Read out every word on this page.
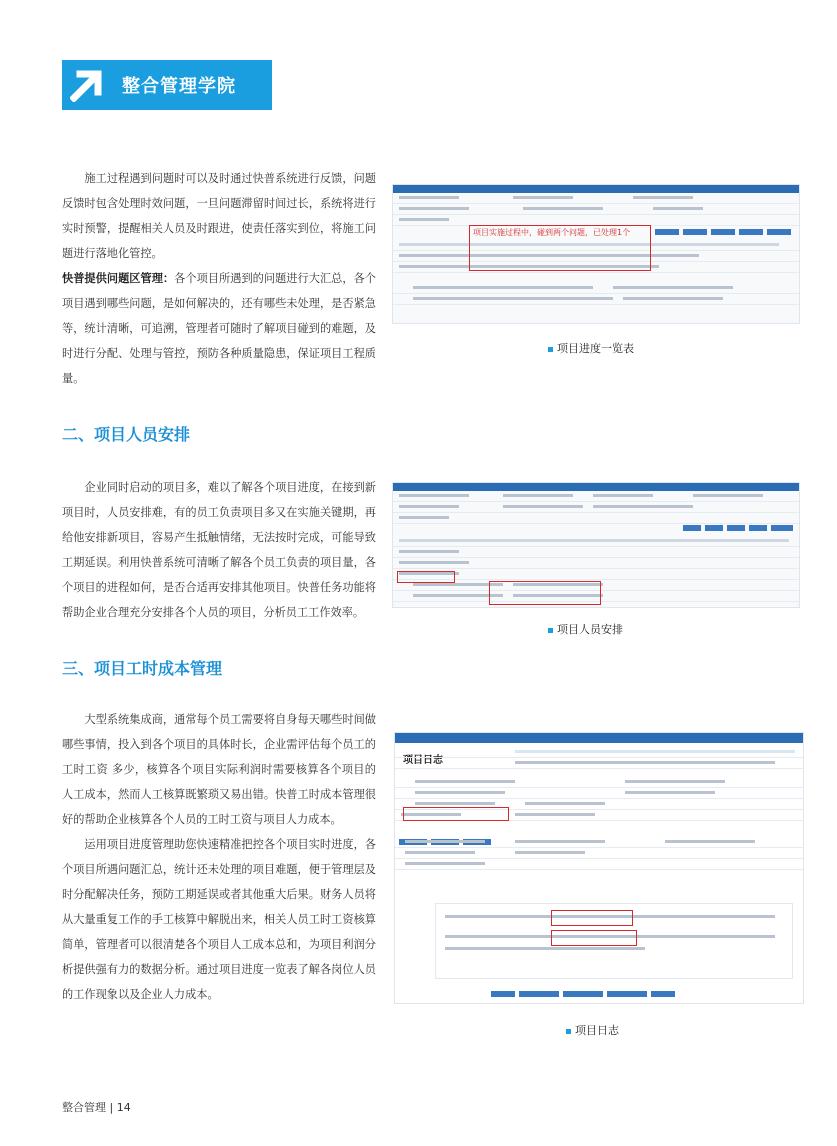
整合管理学院

施工过程遇到问题时可以及时通过快普系统进行反馈，问题反馈时包含处理时效问题，一旦问题滞留时间过长，系统将进行实时预警，提醒相关人员及时跟进，使责任落实到位，将施工问题进行落地化管控。

快普提供问题区管理：各个项目所遇到的问题进行大汇总，各个项目遇到哪些问题，是如何解决的，还有哪些未处理，是否紧急等，统计清晰，可追溯，管理者可随时了解项目碰到的难题，及时进行分配、处理与管控，预防各种质量隐患，保证项目工程质量。

项目实施过程中，碰到两个问题，已处理1个
项目进度一览表
二、项目人员安排

企业同时启动的项目多，难以了解各个项目进度，在接到新项目时，人员安排难，有的员工负责项目多又在实施关键期，再给他安排新项目，容易产生抵触情绪，无法按时完成，可能导致工期延误。利用快普系统可清晰了解各个员工负责的项目量，各个项目的进程如何，是否合适再安排其他项目。快普任务功能将帮助企业合理充分安排各个人员的项目，分析员工工作效率。

项目人员安排
三、项目工时成本管理

大型系统集成商，通常每个员工需要将自身每天哪些时间做哪些事情，投入到各个项目的具体时长，企业需评估每个员工的工时工资 多少，核算各个项目实际利润时需要核算各个项目的人工成本，然而人工核算既繁琐又易出错。快普工时成本管理很好的帮助企业核算各个人员的工时工资与项目人力成本。

运用项目进度管理助您快速精准把控各个项目实时进度，各个项目所遇问题汇总，统计还未处理的项目难题，便于管理层及时分配解决任务，预防工期延误或者其他重大后果。财务人员将从大量重复工作的手工核算中解脱出来，相关人员工时工资核算简单，管理者可以很清楚各个项目人工成本总和，为项目利润分析提供强有力的数据分析。通过项目进度一览表了解各岗位人员的工作现象以及企业人力成本。

项目日志
项目日志
整合管理 | 14
